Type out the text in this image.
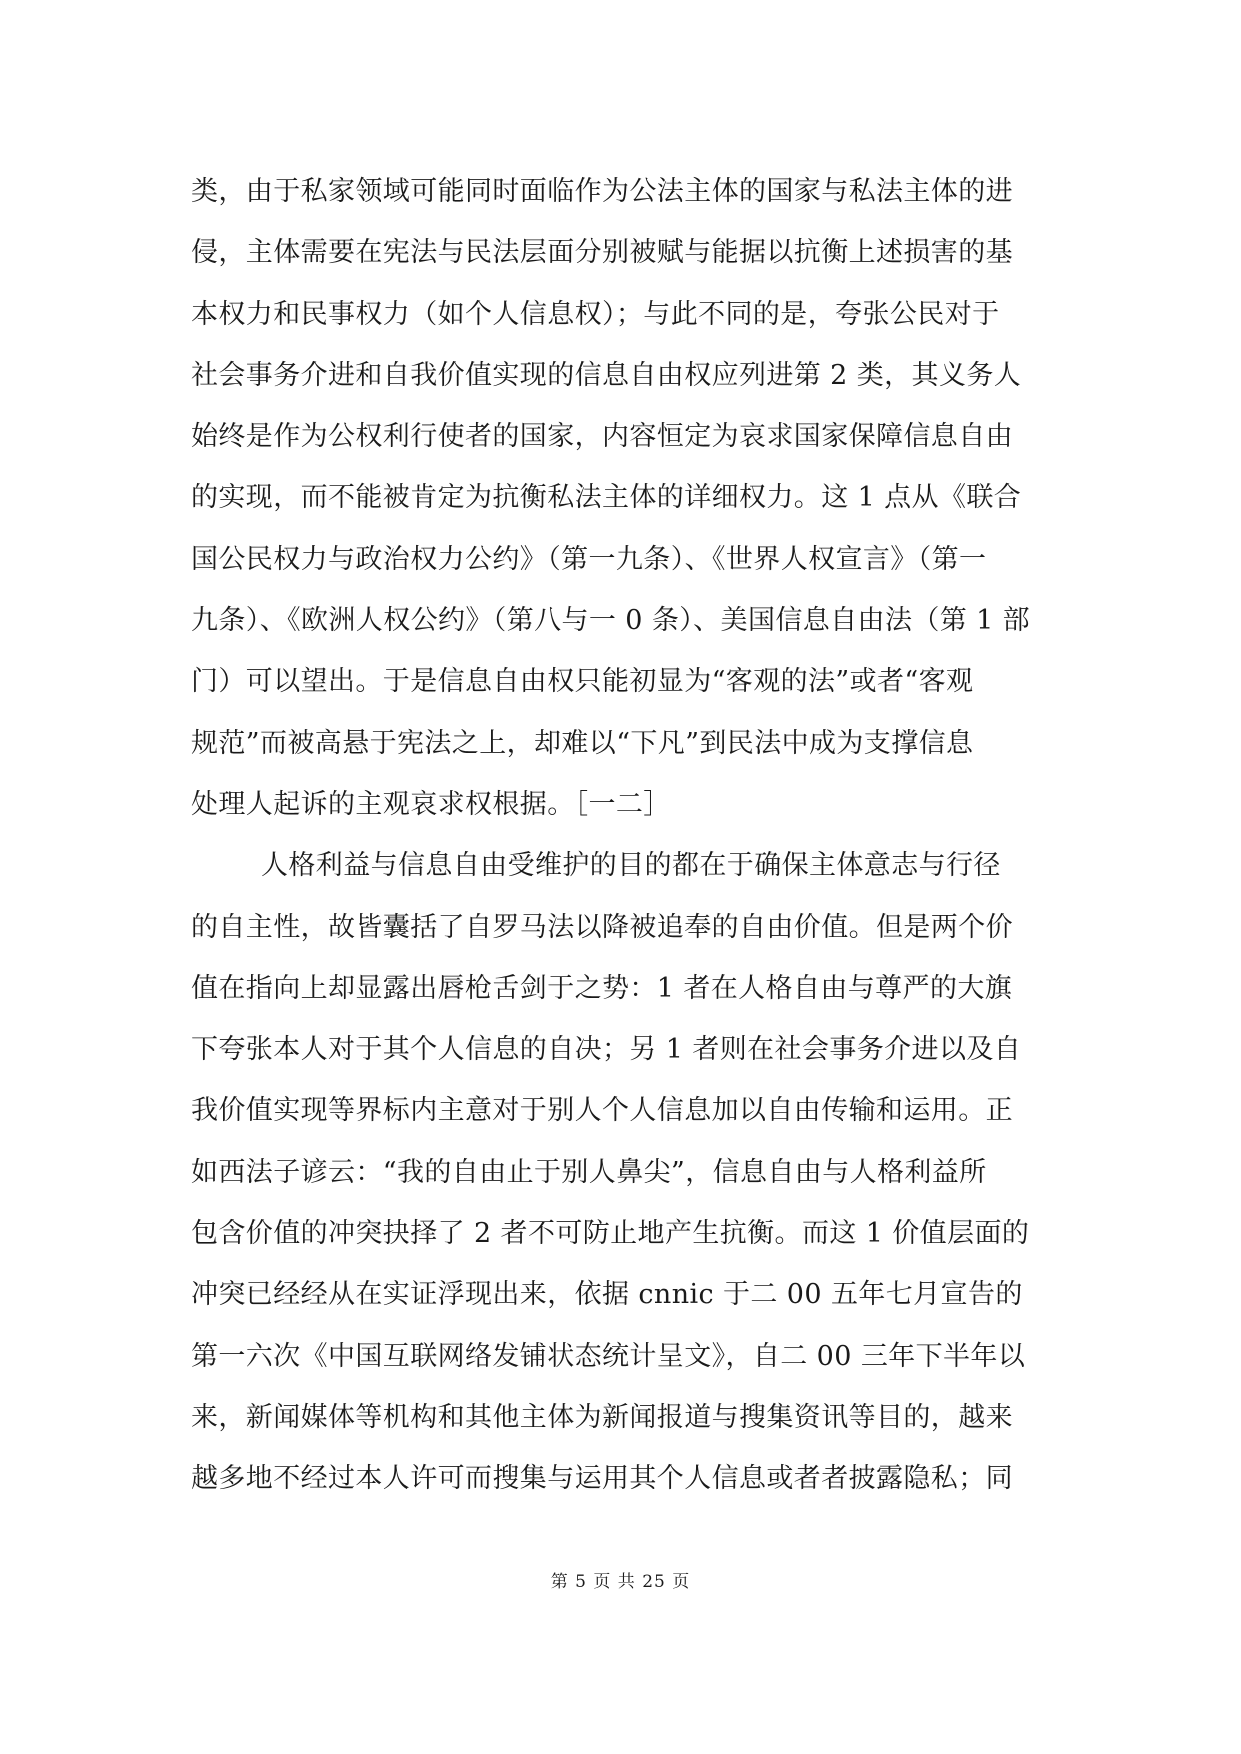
类，由于私家领域可能同时面临作为公法主体的国家与私法主体的进
侵，主体需要在宪法与民法层面分别被赋与能据以抗衡上述损害的基
本权力和民事权力（如个人信息权）；与此不同的是，夸张公民对于
社会事务介进和自我价值实现的信息自由权应列进第 2 类，其义务人
始终是作为公权利行使者的国家，内容恒定为哀求国家保障信息自由
的实现，而不能被肯定为抗衡私法主体的详细权力。这 1 点从《联合
国公民权力与政治权力公约》（第一九条）、《世界人权宣言》（第一
九条）、《欧洲人权公约》（第八与一 0 条）、美国信息自由法（第 1 部
门）可以望出。于是信息自由权只能初显为“客观的法”或者“客观
规范”而被高悬于宪法之上，却难以“下凡”到民法中成为支撑信息
处理人起诉的主观哀求权根据。［一二］
人格利益与信息自由受维护的目的都在于确保主体意志与行径
的自主性，故皆囊括了自罗马法以降被追奉的自由价值。但是两个价
值在指向上却显露出唇枪舌剑于之势：1 者在人格自由与尊严的大旗
下夸张本人对于其个人信息的自决；另 1 者则在社会事务介进以及自
我价值实现等界标内主意对于别人个人信息加以自由传输和运用。正
如西法子谚云：“我的自由止于别人鼻尖”，信息自由与人格利益所
包含价值的冲突抉择了 2 者不可防止地产生抗衡。而这 1 价值层面的
冲突已经经从在实证浮现出来，依据 cnnic 于二 00 五年七月宣告的
第一六次《中国互联网络发铺状态统计呈文》，自二 00 三年下半年以
来，新闻媒体等机构和其他主体为新闻报道与搜集资讯等目的，越来
越多地不经过本人许可而搜集与运用其个人信息或者者披露隐私；同
第 5 页 共 25 页
